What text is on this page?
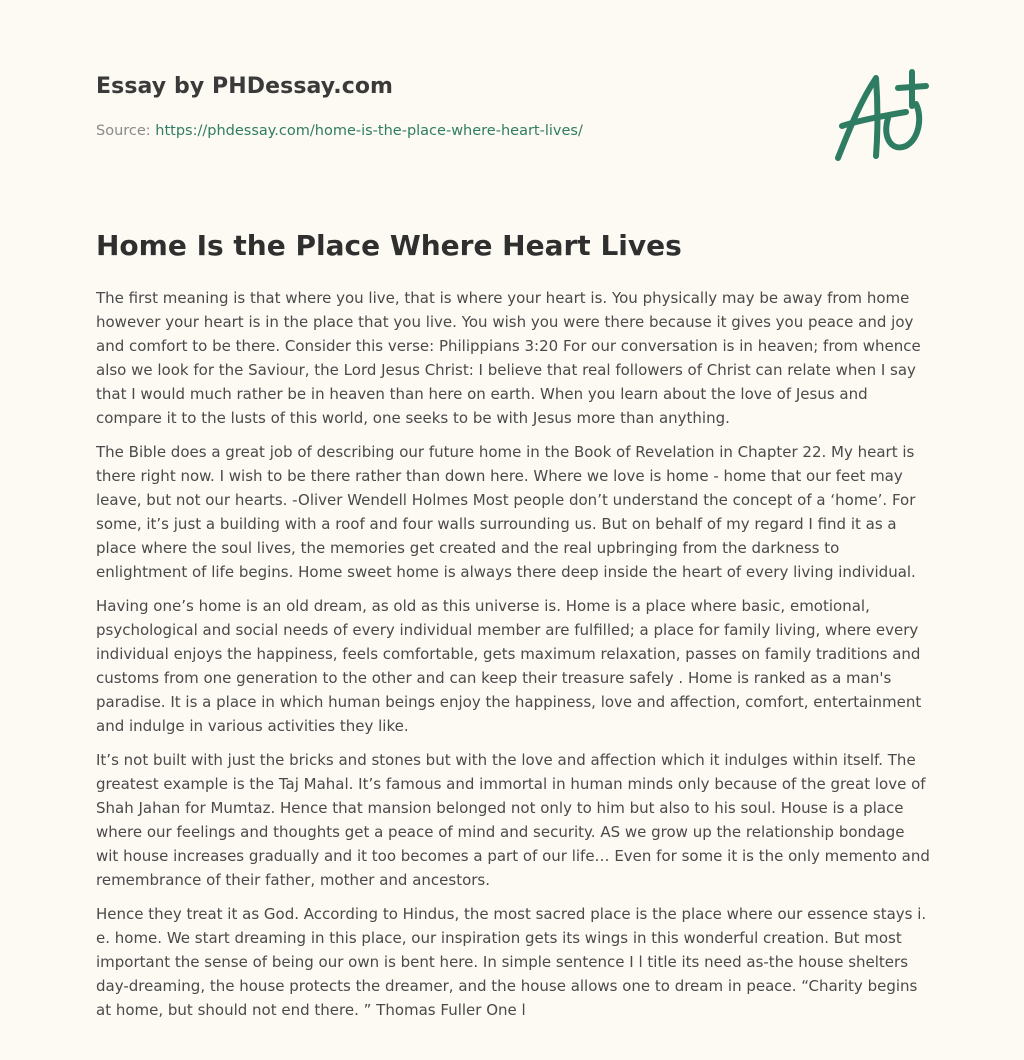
Essay by PHDessay.com
Source: https://phdessay.com/home-is-the-place-where-heart-lives/
Home Is the Place Where Heart Lives

The first meaning is that where you live, that is where your heart is. You physically may be away from home however your heart is in the place that you live. You wish you were there because it gives you peace and joy and comfort to be there. Consider this verse: Philippians 3:20 For our conversation is in heaven; from whence also we look for the Saviour, the Lord Jesus Christ: I believe that real followers of Christ can relate when I say that I would much rather be in heaven than here on earth. When you learn about the love of Jesus and compare it to the lusts of this world, one seeks to be with Jesus more than anything.

The Bible does a great job of describing our future home in the Book of Revelation in Chapter 22. My heart is there right now. I wish to be there rather than down here. Where we love is home - home that our feet may leave, but not our hearts. -Oliver Wendell Holmes Most people don’t understand the concept of a ‘home’. For some, it’s just a building with a roof and four walls surrounding us. But on behalf of my regard I find it as a place where the soul lives, the memories get created and the real upbringing from the darkness to enlightment of life begins. Home sweet home is always there deep inside the heart of every living individual.

Having one’s home is an old dream, as old as this universe is. Home is a place where basic, emotional, psychological and social needs of every individual member are fulfilled; a place for family living, where every individual enjoys the happiness, feels comfortable, gets maximum relaxation, passes on family traditions and customs from one generation to the other and can keep their treasure safely . Home is ranked as a man's paradise. It is a place in which human beings enjoy the happiness, love and affection, comfort, entertainment and indulge in various activities they like.

It’s not built with just the bricks and stones but with the love and affection which it indulges within itself. The greatest example is the Taj Mahal. It’s famous and immortal in human minds only because of the great love of Shah Jahan for Mumtaz. Hence that mansion belonged not only to him but also to his soul. House is a place where our feelings and thoughts get a peace of mind and security. AS we grow up the relationship bondage wit house increases gradually and it too becomes a part of our life… Even for some it is the only memento and remembrance of their father, mother and ancestors.

Hence they treat it as God. According to Hindus, the most sacred place is the place where our essence stays i. e. home. We start dreaming in this place, our inspiration gets its wings in this wonderful creation. But most important the sense of being our own is bent here. In simple sentence I l title its need as-the house shelters day-dreaming, the house protects the dreamer, and the house allows one to dream in peace. “Charity begins at home, but should not end there. ” Thomas Fuller One l
